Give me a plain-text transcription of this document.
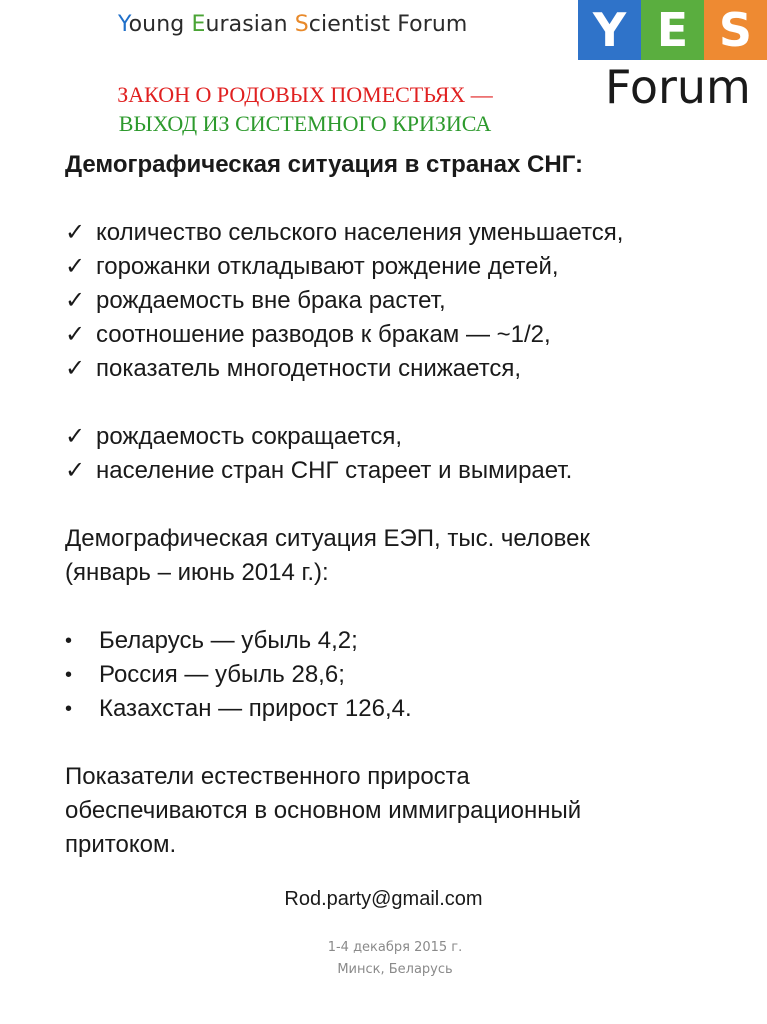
Young Eurasian Scientist Forum	Y E S
Forum
ЗАКОН О РОДОВЫХ ПОМЕСТЬЯХ —
ВЫХОД ИЗ СИСТЕМНОГО КРИЗИСА

Демографическая ситуация в странах СНГ:

✓ количество сельского населения уменьшается,
✓ горожанки откладывают рождение детей,
✓ рождаемость вне брака растет,
✓ соотношение разводов к бракам — ~1/2,
✓ показатель многодетности снижается,
✓ рождаемость сокращается,
✓ население стран СНГ стареет и вымирает.

Демографическая ситуация ЕЭП, тыс. человек

(январь – июнь 2014 г.):

•	Беларусь — убыль 4,2;
•	Россия — убыль 28,6;
•	Казахстан — прирост 126,4.

Показатели естественного прироста

обеспечиваются в основном иммиграционный

притоком.

Rod.party@gmail.com
1-4 декабря 2015 г.
Минск, Беларусь
